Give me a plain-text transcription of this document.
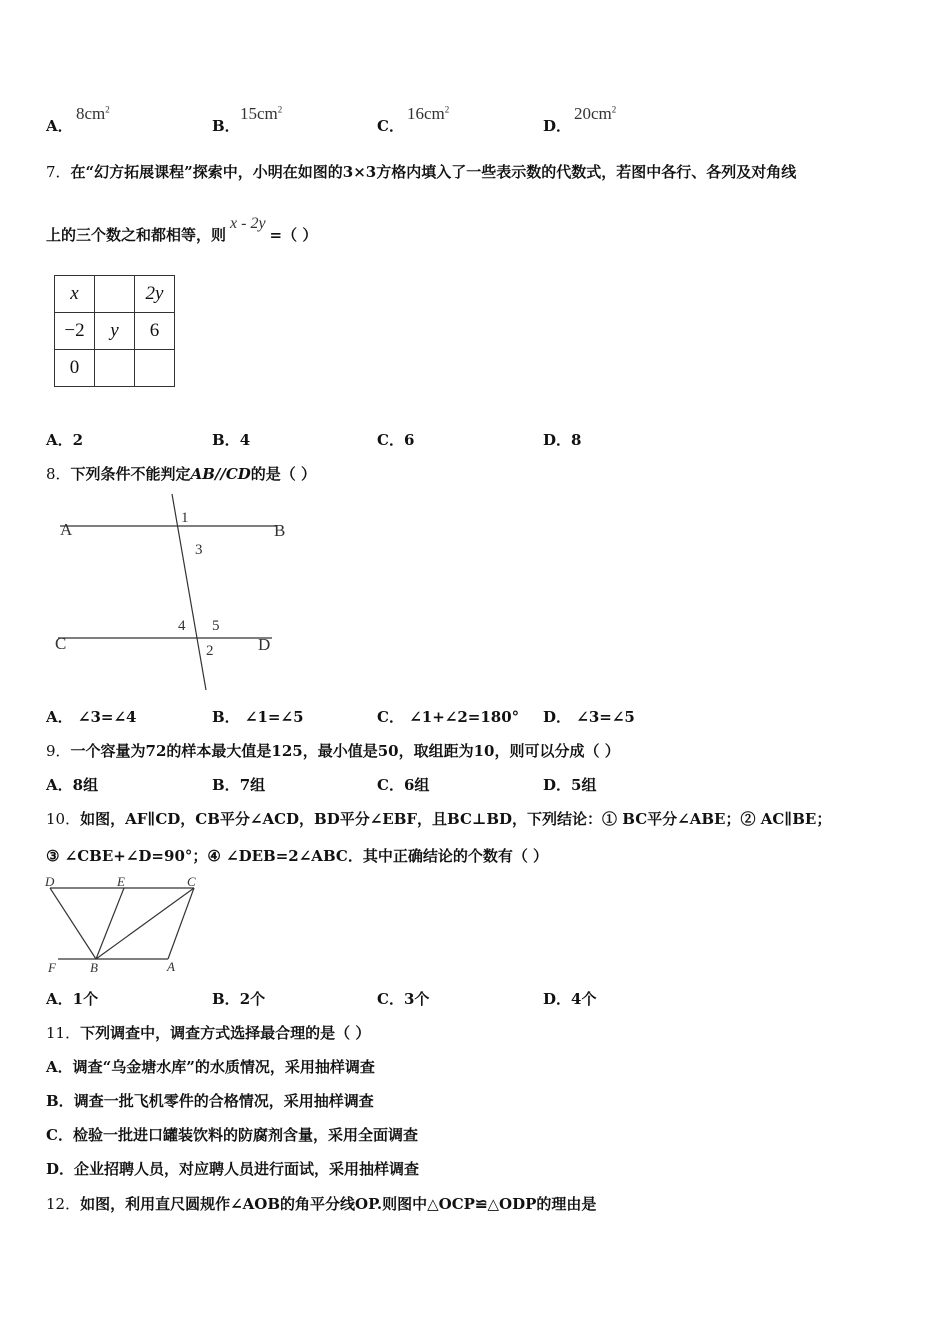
A．
$8cm^2$
B．
$15cm^2$
C．
$16cm^2$
D．
$20cm^2$
7．在“幻方拓展课程”探索中，小明在如图的3×3方格内填入了一些表示数的代数式，若图中各行、各列及对角线
上的三个数之和都相等，则x - 2y=（ ）
x		2y
−2	y	6
0		
A．2	B．4	C．6	D．8
8．下列条件不能判定AB//CD的是（ ）
A	B
C	D
1
3
4 5
2
A． ∠3=∠4	B． ∠1=∠5	C． ∠1+∠2=180° D． ∠3=∠5
9．一个容量为72的样本最大值是125，最小值是50，取组距为10，则可以分成（ ）
A．8组	B．7组	C．6组	D．5组
10．如图，AF∥CD，CB平分∠ACD，BD平分∠EBF，且BC⊥BD，下列结论：① BC平分∠ABE；② AC∥BE；
③ ∠CBE+∠D=90°；④ ∠DEB=2∠ABC．其中正确结论的个数有（ ）
D	E	C
F	B	A
A．1个	B．2个	C．3个	D．4个
11．下列调查中，调查方式选择最合理的是（ ）
A．调查“乌金塘水库”的水质情况，采用抽样调查
B．调查一批飞机零件的合格情况，采用抽样调查
C．检验一批进口罐装饮料的防腐剂含量，采用全面调查
D．企业招聘人员，对应聘人员进行面试，采用抽样调查
12．如图，利用直尺圆规作∠AOB的角平分线OP.则图中△OCP≌△ODP的理由是
